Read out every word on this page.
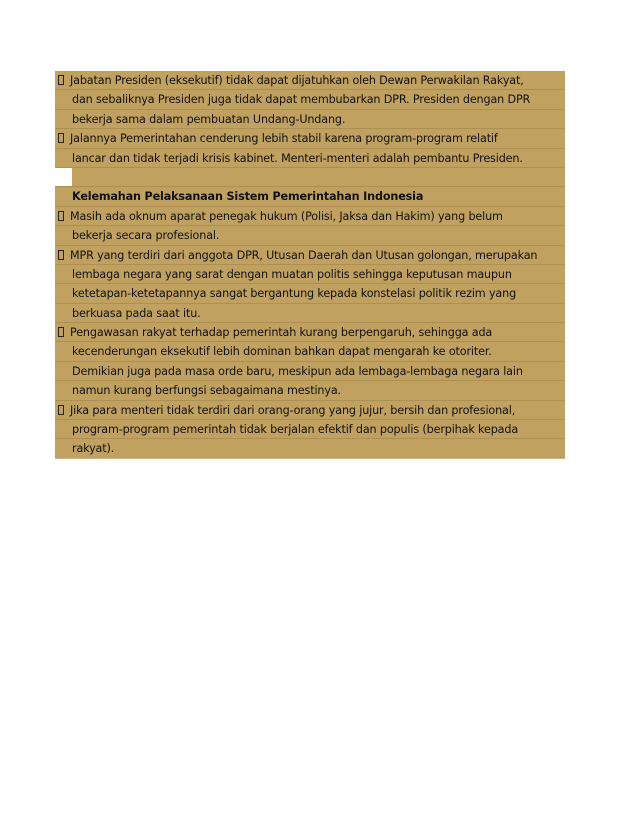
Jabatan Presiden (eksekutif) tidak dapat dijatuhkan oleh Dewan Perwakilan Rakyat,
dan sebaliknya Presiden juga tidak dapat membubarkan DPR. Presiden dengan DPR
bekerja sama dalam pembuatan Undang-Undang.
Jalannya Pemerintahan cenderung lebih stabil karena program-program relatif
lancar dan tidak terjadi krisis kabinet. Menteri-menteri adalah pembantu Presiden.
Kelemahan Pelaksanaan Sistem Pemerintahan Indonesia
Masih ada oknum aparat penegak hukum (Polisi, Jaksa dan Hakim) yang belum
bekerja secara profesional.
MPR yang terdiri dari anggota DPR, Utusan Daerah dan Utusan golongan, merupakan
lembaga negara yang sarat dengan muatan politis sehingga keputusan maupun
ketetapan-ketetapannya sangat bergantung kepada konstelasi politik rezim yang
berkuasa pada saat itu.
Pengawasan rakyat terhadap pemerintah kurang berpengaruh, sehingga ada
kecenderungan eksekutif lebih dominan bahkan dapat mengarah ke otoriter.
Demikian juga pada masa orde baru, meskipun ada lembaga-lembaga negara lain
namun kurang berfungsi sebagaimana mestinya.
Jika para menteri tidak terdiri dari orang-orang yang jujur, bersih dan profesional,
program-program pemerintah tidak berjalan efektif dan populis (berpihak kepada
rakyat).
